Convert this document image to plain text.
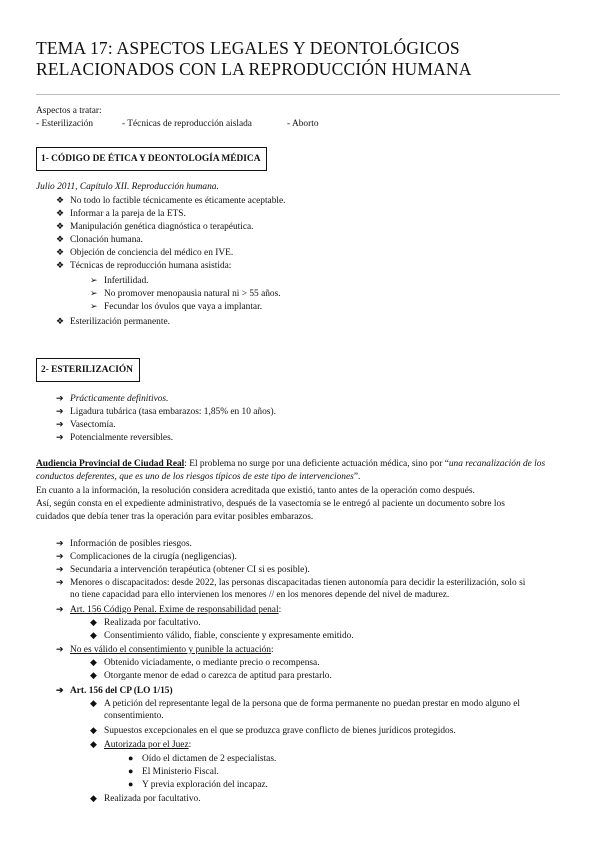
TEMA 17: ASPECTOS LEGALES Y DEONTOLÓGICOS
RELACIONADOS CON LA REPRODUCCIÓN HUMANA
Aspectos a tratar:
- Esterilización	- Técnicas de reproducción aislada	- Aborto
1- CÓDIGO DE ÉTICA Y DEONTOLOGÍA MÉDICA
Julio 2011, Capítulo XII. Reproducción humana.
❖ No todo lo factible técnicamente es éticamente aceptable.
❖ Informar a la pareja de la ETS.
❖ Manipulación genética diagnóstica o terapéutica.
❖ Clonación humana.
❖ Objeción de conciencia del médico en IVE.
❖ Técnicas de reproducción humana asistida:
➢ Infertilidad.
➢ No promover menopausia natural ni > 55 años.
➢ Fecundar los óvulos que vaya a implantar.
❖ Esterilización permanente.
2- ESTERILIZACIÓN
➔ Prácticamente definitivos.
➔ Ligadura tubárica (tasa embarazos: 1,85% en 10 años).
➔ Vasectomía.
➔ Potencialmente reversibles.
Audiencia Provincial de Ciudad Real: El problema no surge por una deficiente actuación médica, sino por “una recanalización de los conductos deferentes, que es uno de los riesgos típicos de este tipo de intervenciones”.
En cuanto a la información, la resolución considera acreditada que existió, tanto antes de la operación como después.
Así, según consta en el expediente administrativo, después de la vasectomía se le entregó al paciente un documento sobre los
cuidados que debía tener tras la operación para evitar posibles embarazos.
➔ Información de posibles riesgos.
➔ Complicaciones de la cirugía (negligencias).
➔ Secundaria a intervención terapéutica (obtener CI si es posible).
➔ Menores o discapacitados: desde 2022, las personas discapacitadas tienen autonomía para decidir la esterilización, solo si
no tiene capacidad para ello intervienen los menores // en los menores depende del nivel de madurez.
➔ Art. 156 Código Penal. Exime de responsabilidad penal:
◆ Realizada por facultativo.
◆ Consentimiento válido, fiable, consciente y expresamente emitido.
➔ No es válido el consentimiento y punible la actuación:
◆ Obtenido viciadamente, o mediante precio o recompensa.
◆ Otorgante menor de edad o carezca de aptitud para prestarlo.
➔ Art. 156 del CP (LO 1/15)
◆ A petición del representante legal de la persona que de forma permanente no puedan prestar en modo alguno el
consentimiento.
◆ Supuestos excepcionales en el que se produzca grave conflicto de bienes jurídicos protegidos.
◆ Autorizada por el Juez:
● Oído el dictamen de 2 especialistas.
● El Ministerio Fiscal.
● Y previa exploración del incapaz.
◆ Realizada por facultativo.
